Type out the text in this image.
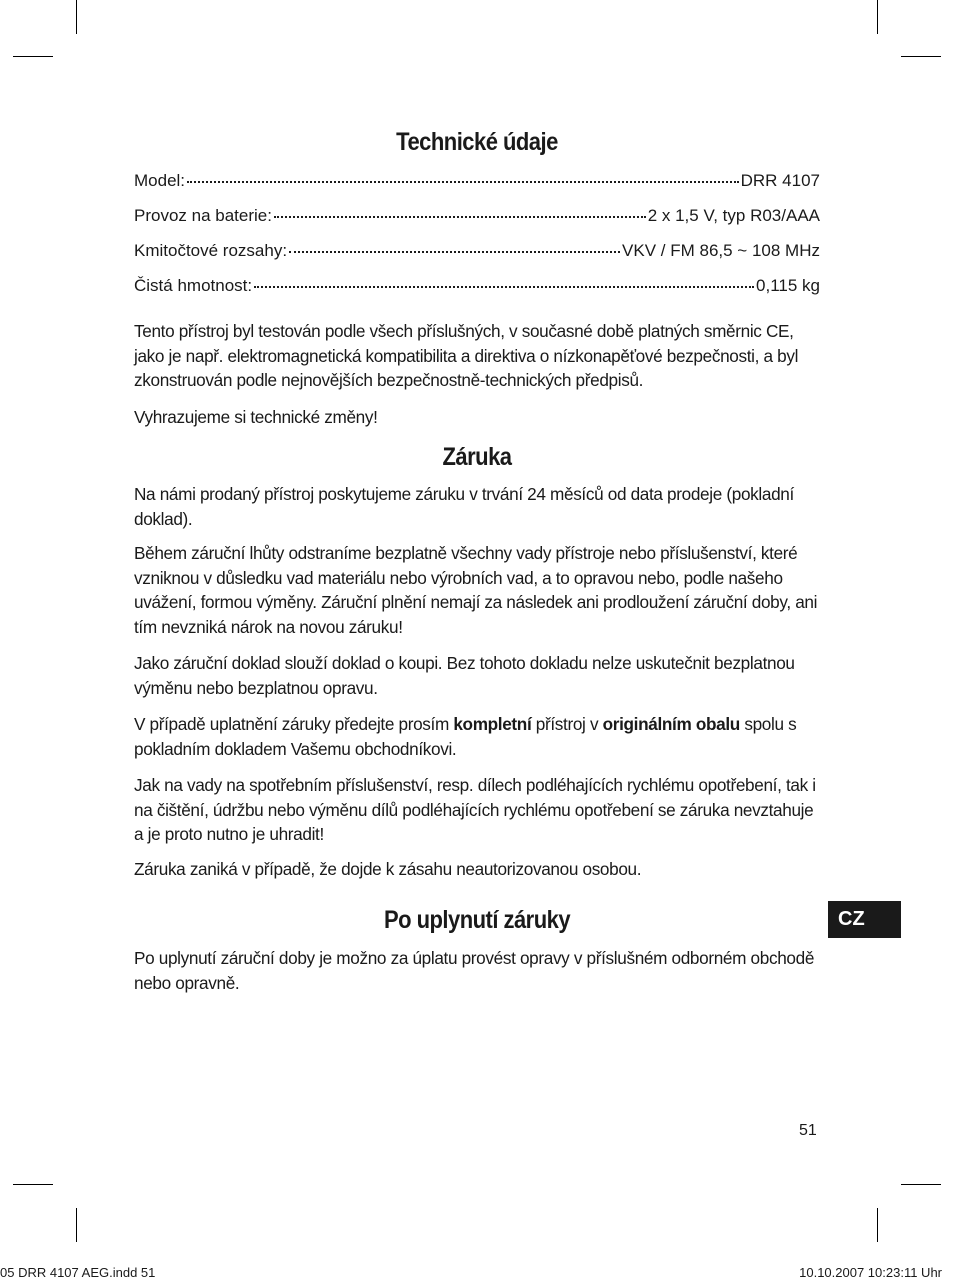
Technické údaje
Model:	DRR 4107
Provoz na baterie:	2 x 1,5 V, typ R03/AAA
Kmitočtové rozsahy:	VKV / FM 86,5 ~ 108 MHz
Čistá hmotnost:	0,115 kg

Tento přístroj byl testován podle všech příslušných, v současné době platných směrnic CE, jako je např. elektromagnetická kompatibilita a direktiva o nízkonapěťové bezpečnosti, a byl zkonstruován podle nejnovějších bezpečnostně-technických předpisů.

Vyhrazujeme si technické změny!

Záruka

Na námi prodaný přístroj poskytujeme záruku v trvání 24 měsíců od data prodeje (pokladní doklad).

Během záruční lhůty odstraníme bezplatně všechny vady přístroje nebo příslušenství, které vzniknou v důsledku vad materiálu nebo výrobních vad, a to opravou nebo, podle našeho uvážení, formou výměny. Záruční plnění nemají za následek ani prodloužení záruční doby, ani tím nevzniká nárok na novou záruku!

Jako záruční doklad slouží doklad o koupi. Bez tohoto dokladu nelze uskutečnit bezplatnou výměnu nebo bezplatnou opravu.

V případě uplatnění záruky předejte prosím kompletní přístroj v originálním obalu spolu s pokladním dokladem Vašemu obchodníkovi.

Jak na vady na spotřebním příslušenství, resp. dílech podléhajících rychlému opotřebení, tak i na čištění, údržbu nebo výměnu dílů podléhajících rychlému opotřebení se záruka nevztahuje a je proto nutno je uhradit!

Záruka zaniká v případě, že dojde k zásahu neautorizovanou osobou.

Po uplynutí záruky

Po uplynutí záruční doby je možno za úplatu provést opravy v příslušném odborném obchodě nebo opravně.

CZ
51
05 DRR 4107 AEG.indd 51	10.10.2007 10:23:11 Uhr
